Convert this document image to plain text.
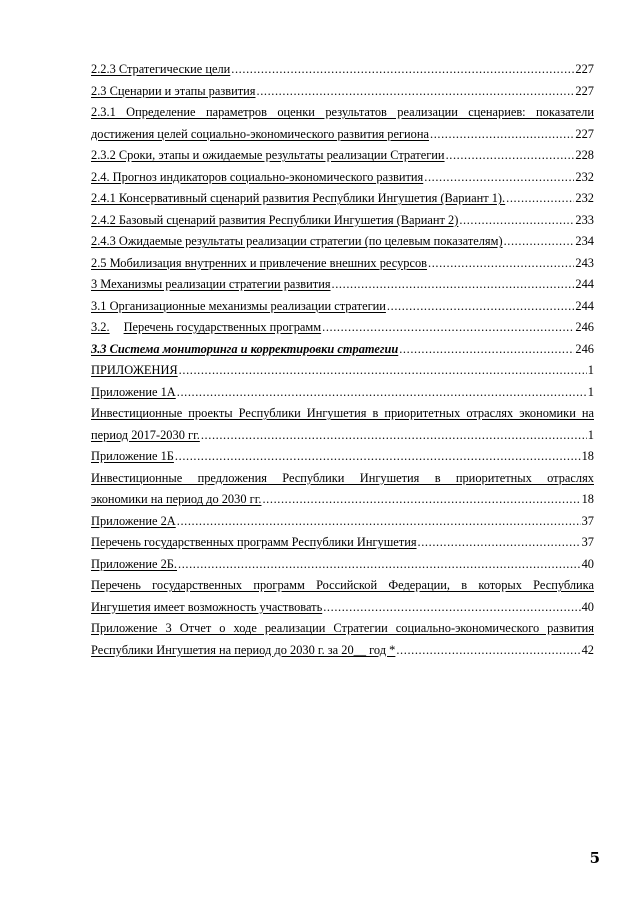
2.2.3 Стратегические цели .....	227
2.3 Сценарии и этапы развития .....	227
2.3.1 Определение параметров оценки результатов реализации сценариев: показатели
достижения целей социально-экономического развития региона .....	227
2.3.2 Сроки, этапы и ожидаемые результаты реализации Стратегии .....	228
2.4. Прогноз индикаторов социально-экономического развития .....	232
2.4.1 Консервативный сценарий развития Республики Ингушетия (Вариант 1). .....	232
2.4.2 Базовый сценарий развития Республики Ингушетия (Вариант 2) .....	233
2.4.3 Ожидаемые результаты реализации стратегии (по целевым показателям) .....	234
2.5 Мобилизация внутренних и привлечение внешних ресурсов .....	243
3 Механизмы реализации стратегии развития .....	244
3.1 Организационные механизмы реализации стратегии .....	244
3.2. Перечень государственных программ .....	246
3.3 Система мониторинга и корректировки стратегии .....	246
ПРИЛОЖЕНИЯ .....	1
Приложение 1А .....	1
Инвестиционные проекты Республики Ингушетия в приоритетных отраслях экономики на
период 2017-2030 гг. .....	1
Приложение 1Б .....	18
Инвестиционные предложения Республики Ингушетия в приоритетных отраслях
экономики на период до 2030 гг. .....	18
Приложение 2А .....	37
Перечень государственных программ Республики Ингушетия .....	37
Приложение 2Б. .....	40
Перечень государственных программ Российской Федерации, в которых Республика
Ингушетия имеет возможность участвовать .....	40
Приложение 3 Отчет о ходе реализации Стратегии социально-экономического развития
Республики Ингушетия на период до 2030 г. за 20__ год * .....	42
5
